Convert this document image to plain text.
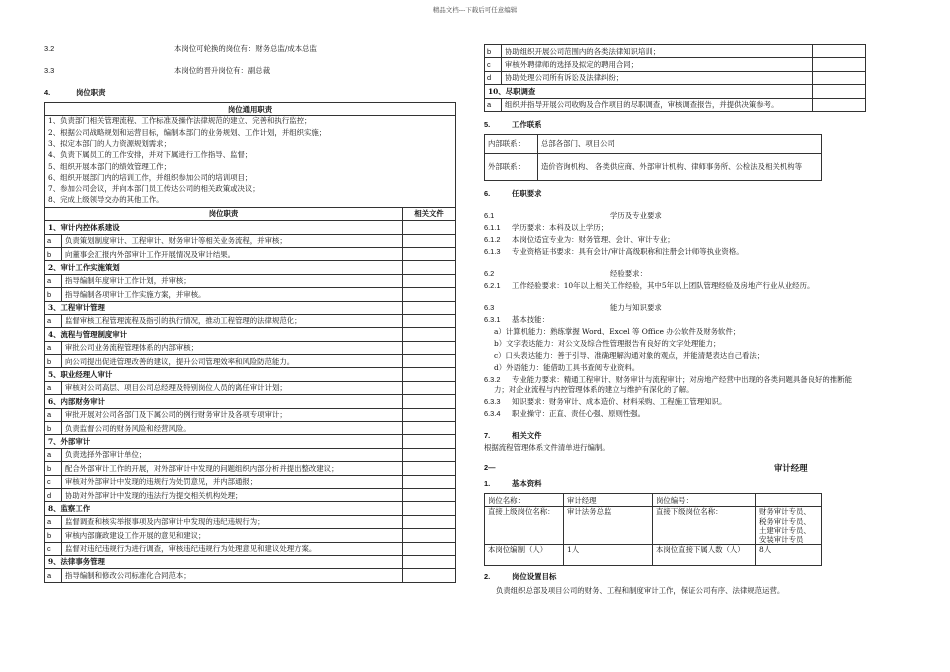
精品文档---下载后可任意编辑
3.2	本岗位可轮换的岗位有：财务总监/成本总监
3.3	本岗位的晋升岗位有：副总裁
4.	岗位职责
岗位通用职责

1、负责部门相关管理流程、工作标准及操作法律规范的建立、完善和执行监控；
2、根据公司战略规划和运营目标，编制本部门的业务规划、工作计划，并组织实施；
3、拟定本部门的人力资源规划需求；
4、负责下属员工的工作安排，并对下属进行工作指导、监督；
5、组织开展本部门的绩效管理工作；
6、组织开展部门内的培训工作，并组织参加公司的培训项目；
7、参加公司会议，并向本部门员工传达公司的相关政策或决议；
8、完成上级领导交办的其他工作。
岗位职责		相关文件
1、审计内控体系建设		
a	负责策划制度审计、工程审计、财务审计等相关业务流程，并审核；	
b	向董事会汇报内外部审计工作开展情况及审计结果。	
2、审计工作实施策划		
a	指导编制年度审计工作计划，并审核；	
b	指导编制各项审计工作实施方案，并审核。	
3、工程审计管理		
a	监督审核工程管理流程及指引的执行情况，推动工程管理的法律规范化；	
4、流程与管理制度审计		
a	审批公司业务流程管理体系的内部审核；	
b	向公司提出促进管理改善的建议，提升公司管理效率和风险防范能力。	
5、职业经理人审计		
a	审核对公司高层、项目公司总经理及特别岗位人员的离任审计计划；	
6、内部财务审计		
a	审批开展对公司各部门及下属公司的例行财务审计及各项专项审计；	
b	负责监督公司的财务风险和经营风险。	
7、外部审计		
a	负责选择外部审计单位；	
b	配合外部审计工作的开展，对外部审计中发现的问题组织内部分析并提出整改建议；	
c	审核对外部审计中发现的违规行为处罚意见，并内部通报；	
d	协助对外部审计中发现的违法行为提交相关机构处理；	
8、监察工作		
a	监督调查和核实举报事项及内部审计中发现的违纪违规行为；	
b	审核内部廉政建设工作开展的意见和建议；	
c	监督对违纪违规行为进行调查，审核违纪违规行为处理意见和建议处理方案。	
9、法律事务管理		
a	指导编制和修改公司标准化合同范本；	
b	协助组织开展公司范围内的各类法律知识培训；	
c	审核外聘律师的选择及拟定的聘用合同；	
d	协助处理公司所有诉讼及法律纠纷；	
10、尽职调查		
a	组织并指导开展公司收购及合作项目的尽职调查，审核调查报告，并提供决策参考。	
5.	工作联系
内部联系：	总部各部门、项目公司
外部联系：	造价咨询机构、 各类供应商、外部审计机构、律师事务所、公检法及相关机构等
6.	任职要求
6.1	学历及专业要求
6.1.1 学历要求：本科及以上学历；
6.1.2 本岗位适宜专业为：财务管理、会计、审计专业；
6.1.3 专业资格证书要求：具有会计/审计高级职称和注册会计师等执业资格。
6.2	经验要求：
6.2.1 工作经验要求：10年以上相关工作经验，其中5年以上团队管理经验及房地产行业从业经历。
6.3	能力与知识要求
6.3.1 基本技能：
a）计算机能力：熟练掌握 Word、Excel 等 Office 办公软件及财务软件；
b）文字表达能力：对公文及综合性管理报告有良好的文字处理能力；
c）口头表达能力：善于引导、准确理解沟通对象的观点，并能清楚表达自己看法；
d）外语能力：能借助工具书查阅专业资料。
6.3.2 专业能力要求：精通工程审计、财务审计与流程审计；对房地产经营中出现的各类问题具备良好的推断能
力；对企业流程与内控管理体系的建立与维护有深化的了解。
6.3.3 知识要求：财务审计、成本造价、材料采购、工程施工管理知识。
6.3.4 职业操守：正直、责任心强、原则性强。
7.	相关文件
根据流程管理体系文件清单进行编制。
2—	审计经理
1.	基本资料
岗位名称：	审计经理	岗位编号：	
直接上级岗位名称：	审计法务总监	直接下级岗位名称：	财务审计专员、税务审计专员、土建审计专员、安装审计专员
本岗位编制（人）	1人	本岗位直接下属人数（人）	8人
2.	岗位设置目标
负责组织总部及项目公司的财务、工程和制度审计工作，保证公司有序、法律规范运营。
